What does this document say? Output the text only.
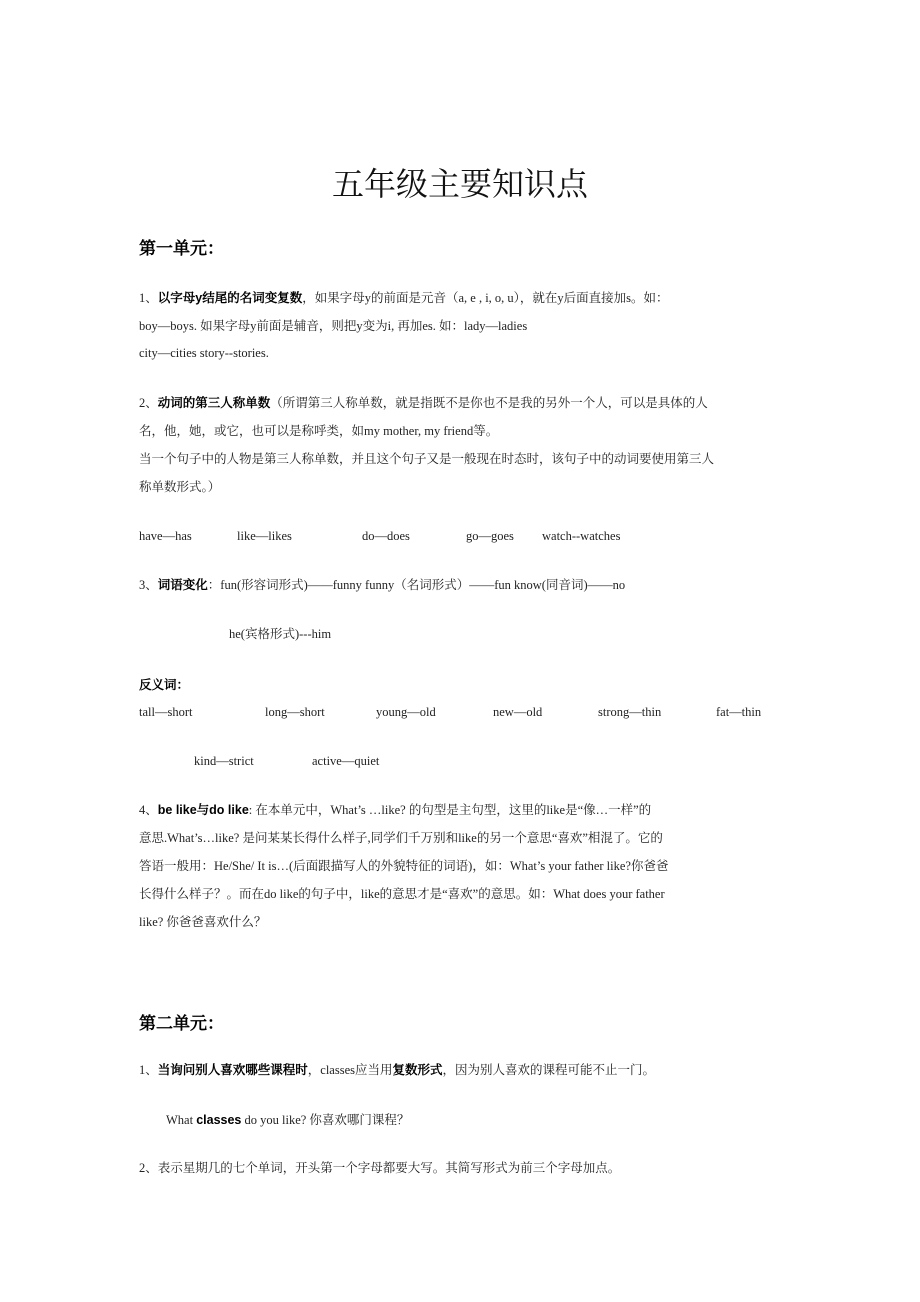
五年级主要知识点
第一单元：
1、以字母y结尾的名词变复数，如果字母y的前面是元音（a, e , i, o, u），就在y后面直接加s。如：
boy—boys. 如果字母y前面是辅音，则把y变为i, 再加es. 如：lady—ladies
city—cities story--stories.
2、动词的第三人称单数（所谓第三人称单数，就是指既不是你也不是我的另外一个人，可以是具体的人
名，他，她，或它，也可以是称呼类，如my mother, my friend等。
当一个句子中的人物是第三人称单数，并且这个句子又是一般现在时态时，该句子中的动词要使用第三人
称单数形式。）
have—has	like—likes	do—does	go—goes watch--watches
3、词语变化：fun(形容词形式)——funny funny（名词形式）——fun know(同音词)——no
he(宾格形式)---him
反义词：
tall—short	long—short	young—old	new—old	strong—thin	fat—thin
kind—strict	active—quiet
4、be like与do like: 在本单元中，What’s …like? 的句型是主句型，这里的like是“像…一样”的
意思.What’s…like? 是问某某长得什么样子,同学们千万别和like的另一个意思“喜欢”相混了。它的
答语一般用：He/She/ It is…(后面跟描写人的外貌特征的词语)，如：What’s your father like?你爸爸
长得什么样子？。而在do like的句子中，like的意思才是“喜欢”的意思。如：What does your father
like? 你爸爸喜欢什么？
第二单元：
1、当询问别人喜欢哪些课程时，classes应当用复数形式，因为别人喜欢的课程可能不止一门。
What classes do you like? 你喜欢哪门课程？
2、表示星期几的七个单词，开头第一个字母都要大写。其简写形式为前三个字母加点。
